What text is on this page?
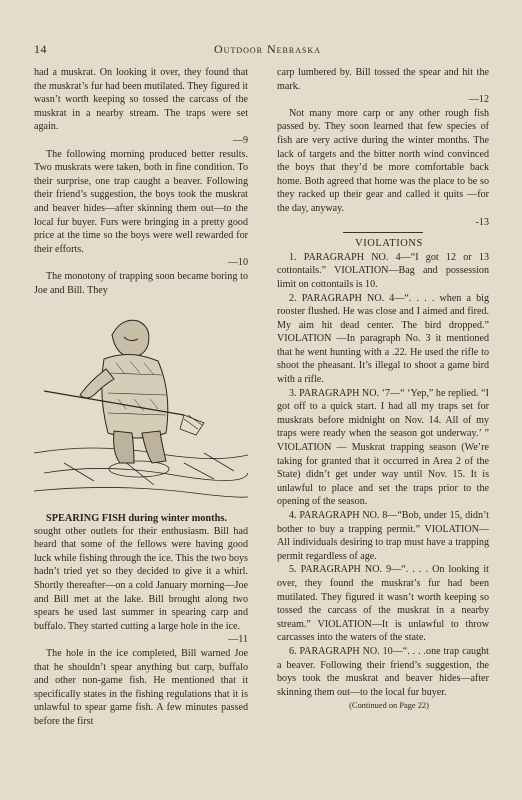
14	Outdoor Nebraska

had a muskrat. On looking it over, they found that the muskrat’s fur had been mutilated. They figured it wasn’t worth keeping so tossed the carcass of the muskrat in a nearby stream. The traps were set again.

—9

The following morning produced better results. Two muskrats were taken, both in fine condition. To their surprise, one trap caught a beaver. Following their friend’s suggestion, the boys took the muskrat and beaver hides—after skinning them out—to the local fur buyer. Furs were bringing in a pretty good price at the time so the boys were well rewarded for their efforts.

—10

The monotony of trapping soon became boring to Joe and Bill. They

SPEARING FISH during winter months.

sought other outlets for their enthusiasm. Bill had heard that some of the fellows were having good luck while fishing through the ice. This the two boys hadn’t tried yet so they decided to give it a whirl. Shortly thereafter—on a cold January morning—Joe and Bill met at the lake. Bill brought along two spears he used last summer in spearing carp and buffalo. They started cutting a large hole in the ice.

—11

The hole in the ice completed, Bill warned Joe that he shouldn’t spear anything but carp, buffalo and other non-game fish. He mentioned that it specifically states in the fishing regulations that it is unlawful to spear game fish. A few minutes passed before the first

carp lumbered by. Bill tossed the spear and hit the mark.

—12

Not many more carp or any other rough fish passed by. They soon learned that few species of fish are very active during the winter months. The lack of targets and the bitter north wind convinced the boys that they’d be more comfortable back home. Both agreed that home was the place to be so they racked up their gear and called it quits —for the day, anyway.

-13

VIOLATIONS

1. PARAGRAPH NO. 4—“I got 12 or 13 cottontails.” VIOLATION—Bag and possession limit on cottontails is 10.

2. PARAGRAPH NO. 4—“. . . . when a big rooster flushed. He was close and I aimed and fired. My aim hit dead center. The bird dropped.” VIOLATION —In paragraph No. 3 it mentioned that he went hunting with a .22. He used the rifle to shoot the pheasant. It’s illegal to shoot a game bird with a rifle.

3. PARAGRAPH NO. ‘7—“ ‘Yep,” he replied. “I got off to a quick start. I had all my traps set for muskrats before midnight on Nov. 14. All of my traps were ready when the season got underway.’ ” VIOLATION — Muskrat trapping season (We’re taking for granted that it occurred in Area 2 of the State) didn’t get under way until Nov. 15. It is unlawful to place and set the traps prior to the opening of the season.

4. PARAGRAPH NO. 8—“Bob, under 15, didn’t bother to buy a trapping permit.” VIOLATION—All individuals desiring to trap must have a trapping permit regardless of age.

5. PARAGRAPH NO. 9—“. . . . On looking it over, they found the muskrat’s fur had been mutilated. They figured it wasn’t worth keeping so tossed the carcass of the muskrat in a nearby stream.” VIOLATION—It is unlawful to throw carcasses into the waters of the state.

6. PARAGRAPH NO. 10—“. . . .one trap caught a beaver. Following their friend’s suggestion, the boys took the muskrat and beaver hides—after skinning them out—to the local fur buyer.

(Continued on Page 22)
